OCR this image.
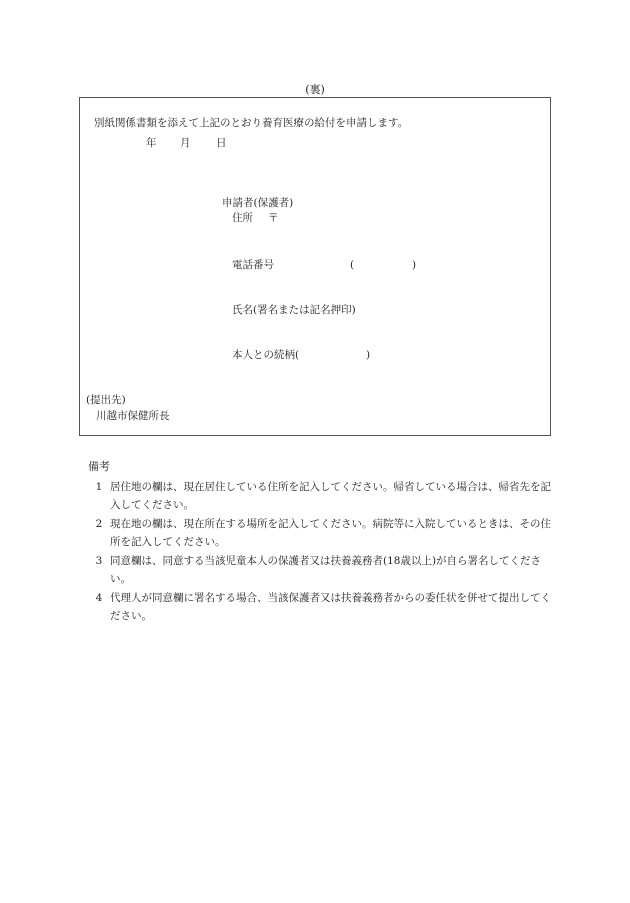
(裏)
別紙関係書類を添えて上記のとおり養育医療の給付を申請します。
年 月 日
申請者(保護者)
住所 〒
電話番号	(	)
氏名(署名または記名押印)
本人との続柄(	)
(提出先)
川越市保健所長
備考
1 居住地の欄は、現在居住している住所を記入してください。帰省している場合は、帰省先を記入してください。
2 現在地の欄は、現在所在する場所を記入してください。病院等に入院しているときは、その住所を記入してください。
3 同意欄は、同意する当該児童本人の保護者又は扶養義務者(18歳以上)が自ら署名してください。
4 代理人が同意欄に署名する場合、当該保護者又は扶養義務者からの委任状を併せて提出してください。
